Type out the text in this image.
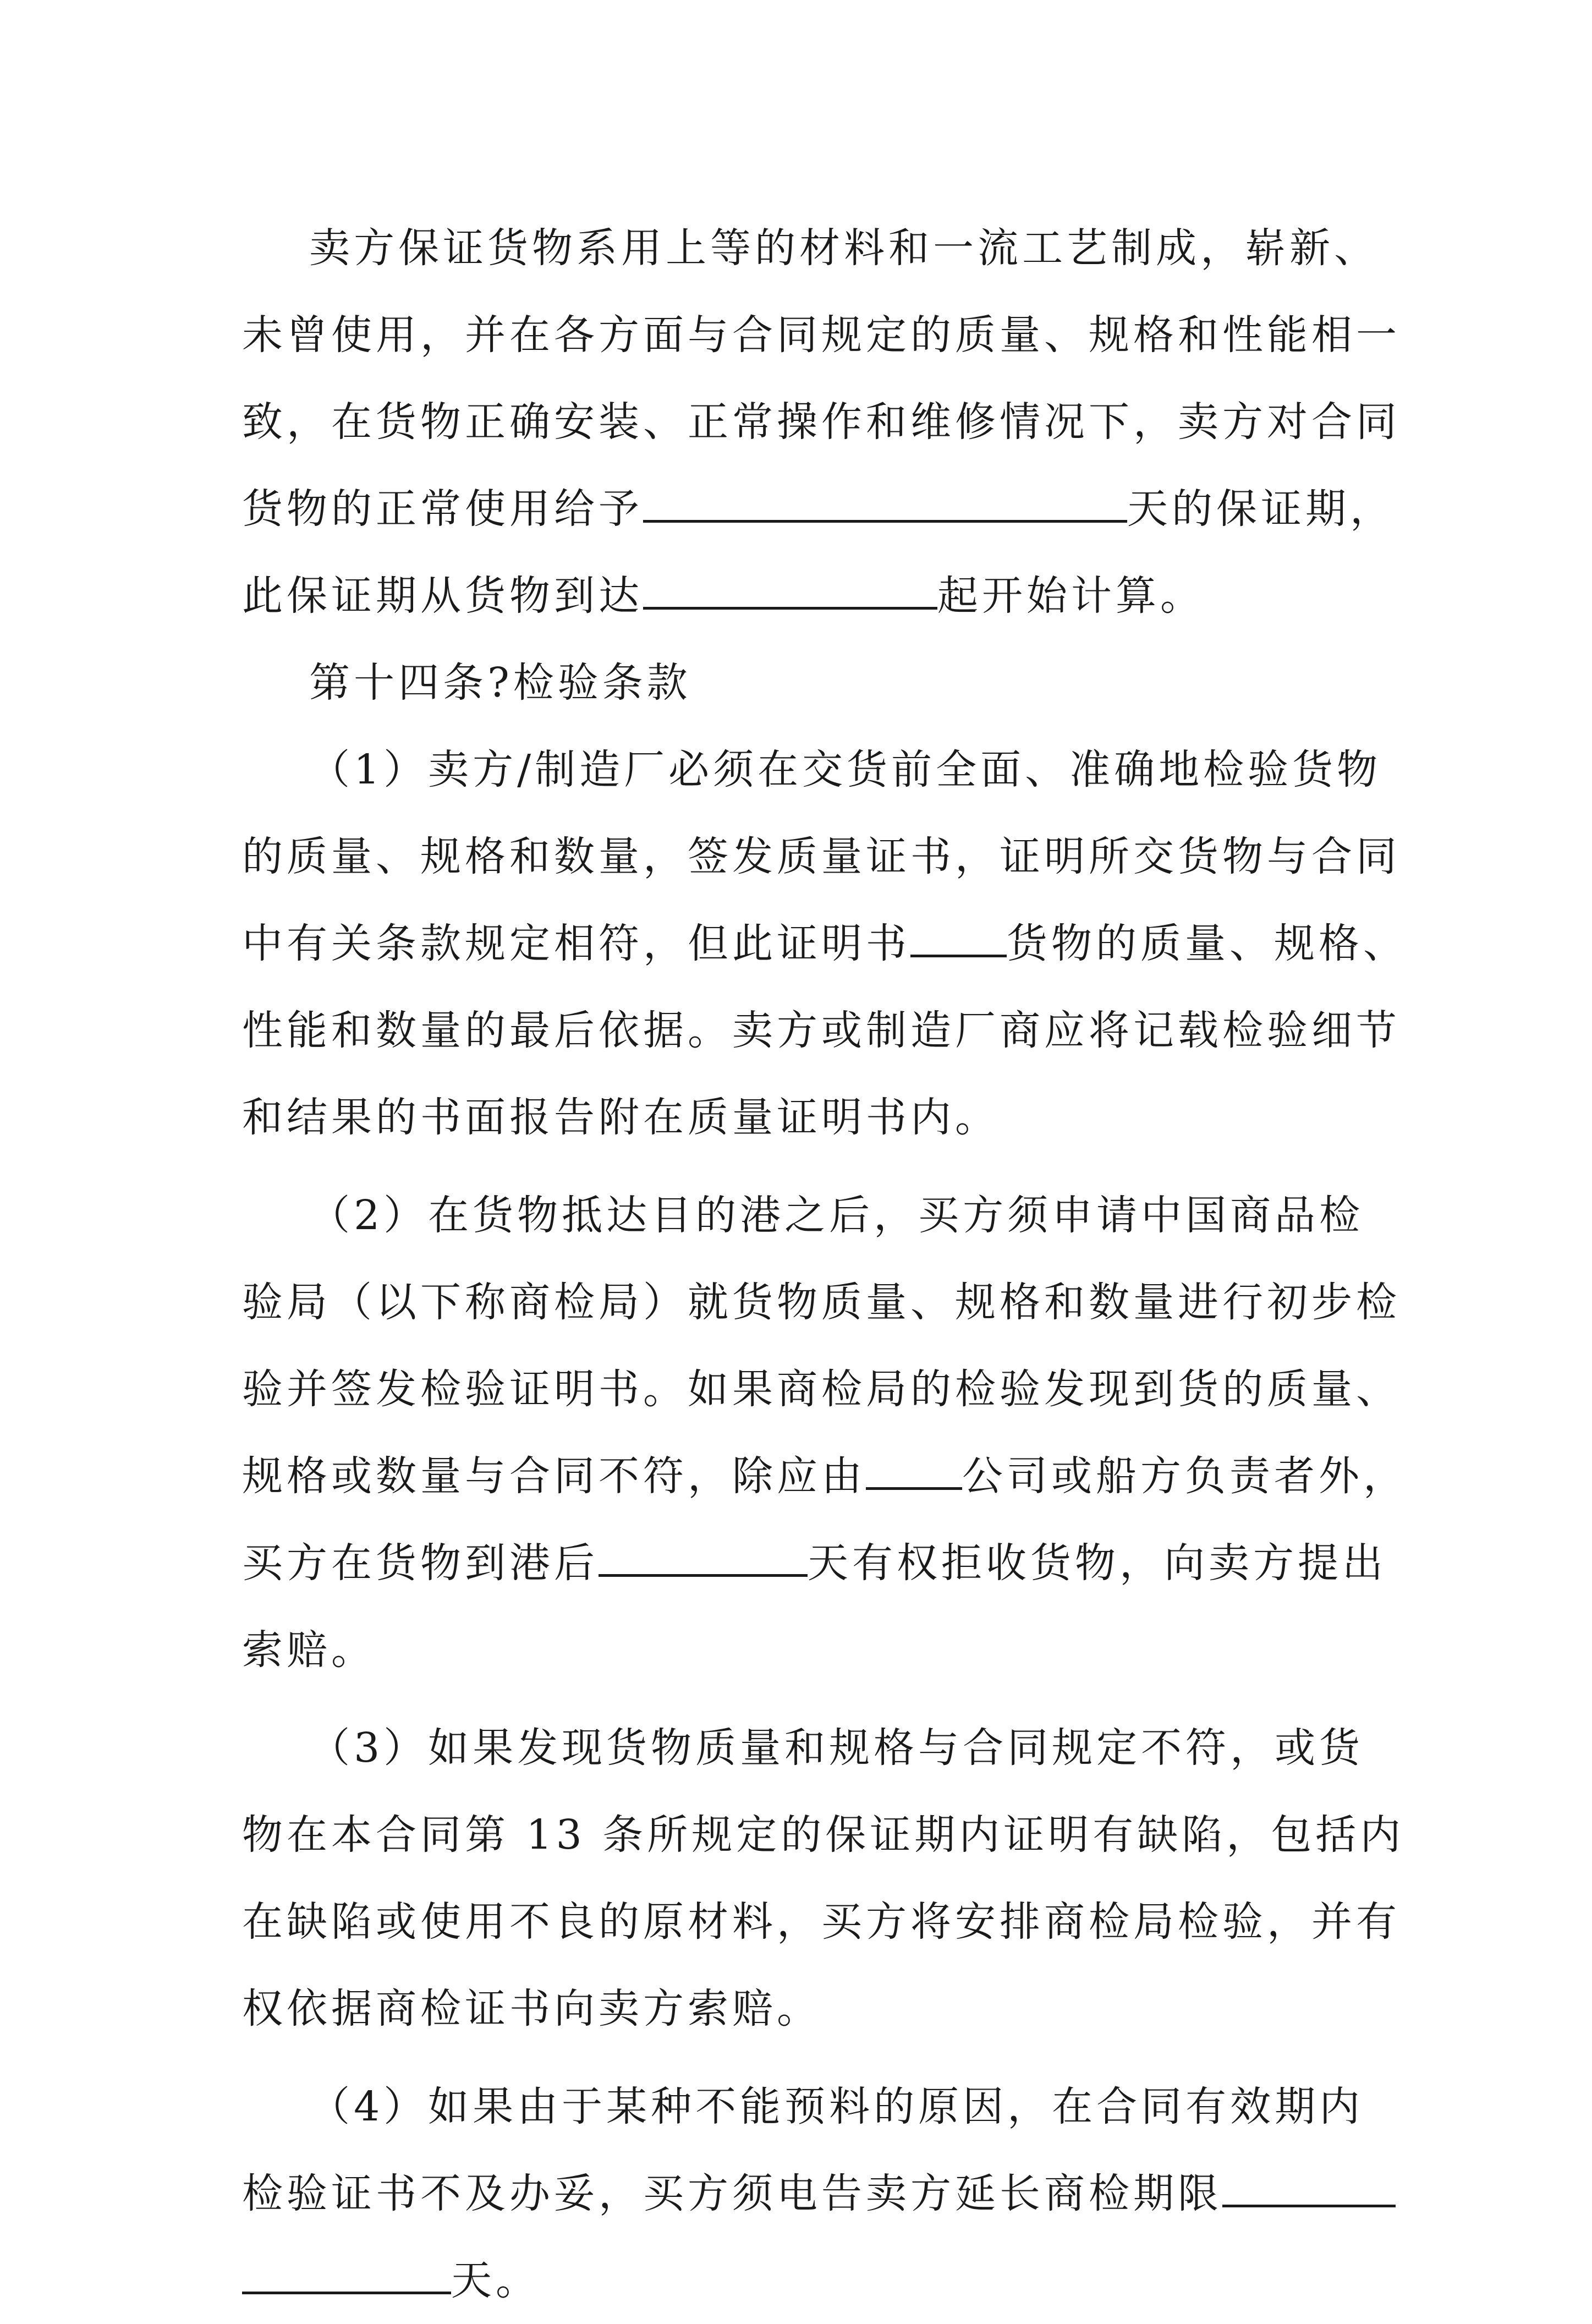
卖方保证货物系用上等的材料和一流工艺制成，崭新、
未曾使用，并在各方面与合同规定的质量、规格和性能相一
致，在货物正确安装、正常操作和维修情况下，卖方对合同
货物的正常使用给予	天的保证期，
此保证期从货物到达	起开始计算。
第十四条?检验条款
（1）卖方/制造厂必须在交货前全面、准确地检验货物
的质量、规格和数量，签发质量证书，证明所交货物与合同
中有关条款规定相符，但此证明书 货物的质量、规格、
性能和数量的最后依据。卖方或制造厂商应将记载检验细节
和结果的书面报告附在质量证明书内。
（2）在货物抵达目的港之后，买方须申请中国商品检
验局（以下称商检局）就货物质量、规格和数量进行初步检
验并签发检验证明书。如果商检局的检验发现到货的质量、
规格或数量与合同不符，除应由 公司或船方负责者外，
买方在货物到港后	天有权拒收货物，向卖方提出
索赔。
（3）如果发现货物质量和规格与合同规定不符，或货
物在本合同第 13 条所规定的保证期内证明有缺陷，包括内
在缺陷或使用不良的原材料，买方将安排商检局检验，并有
权依据商检证书向卖方索赔。
（4）如果由于某种不能预料的原因，在合同有效期内
检验证书不及办妥，买方须电告卖方延长商检期限
天。
